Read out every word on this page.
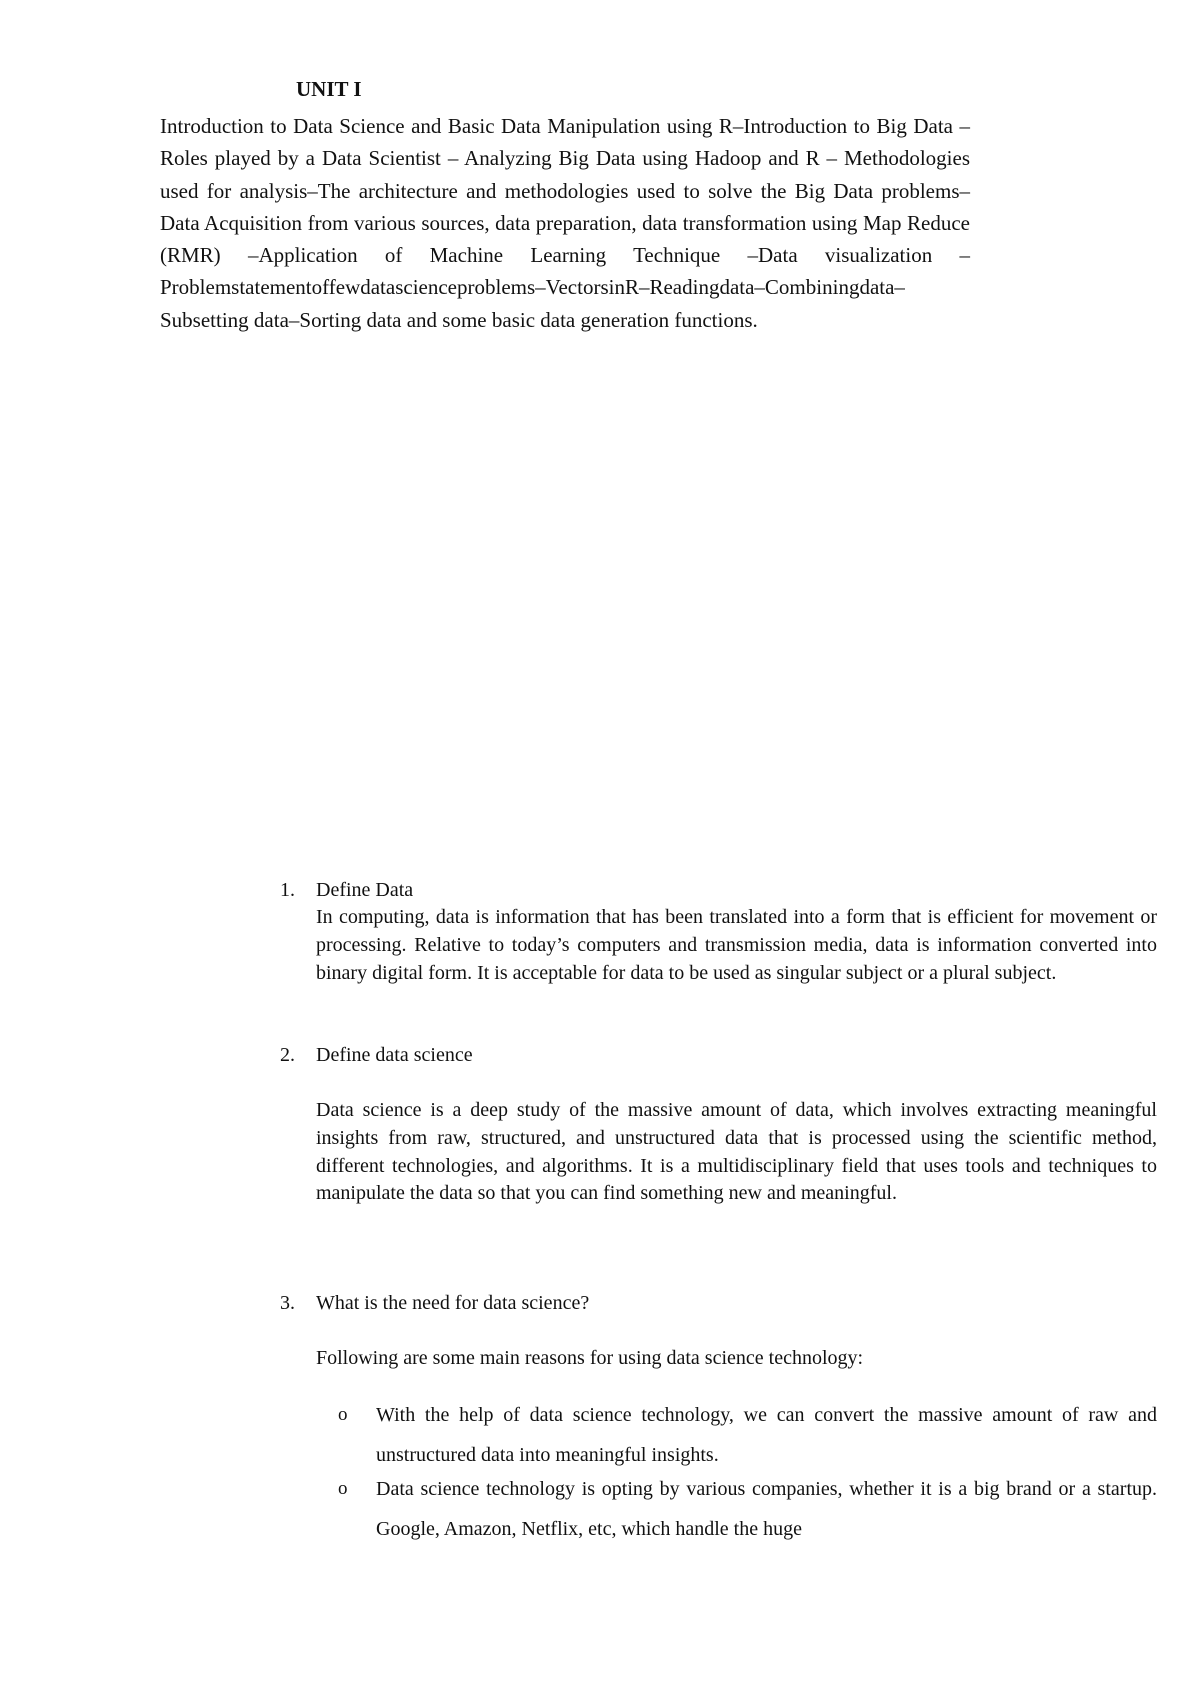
UNIT I

Introduction to Data Science and Basic Data Manipulation using R–Introduction to Big Data – Roles played by a Data Scientist – Analyzing Big Data using Hadoop and R – Methodologies used for analysis–The architecture and methodologies used to solve the Big Data problems–Data Acquisition from various sources, data preparation, data transformation using Map Reduce (RMR) –Application of Machine Learning Technique –Data visualization – Problemstatementoffewdatascienceproblems–VectorsinR–Readingdata–Combiningdata– Subsetting data–Sorting data and some basic data generation functions.

1.	Define Data

In computing, data is information that has been translated into a form that is efficient for movement or processing. Relative to today’s computers and transmission media, data is information converted into binary digital form. It is acceptable for data to be used as singular subject or a plural subject.

2.	Define data science

Data science is a deep study of the massive amount of data, which involves extracting meaningful insights from raw, structured, and unstructured data that is processed using the scientific method, different technologies, and algorithms. It is a multidisciplinary field that uses tools and techniques to manipulate the data so that you can find something new and meaningful.

3.	What is the need for data science?

Following are some main reasons for using data science technology:

o	With the help of data science technology, we can convert the massive amount of raw and unstructured data into meaningful insights.
o	Data science technology is opting by various companies, whether it is a big brand or a startup. Google, Amazon, Netflix, etc, which handle the huge
